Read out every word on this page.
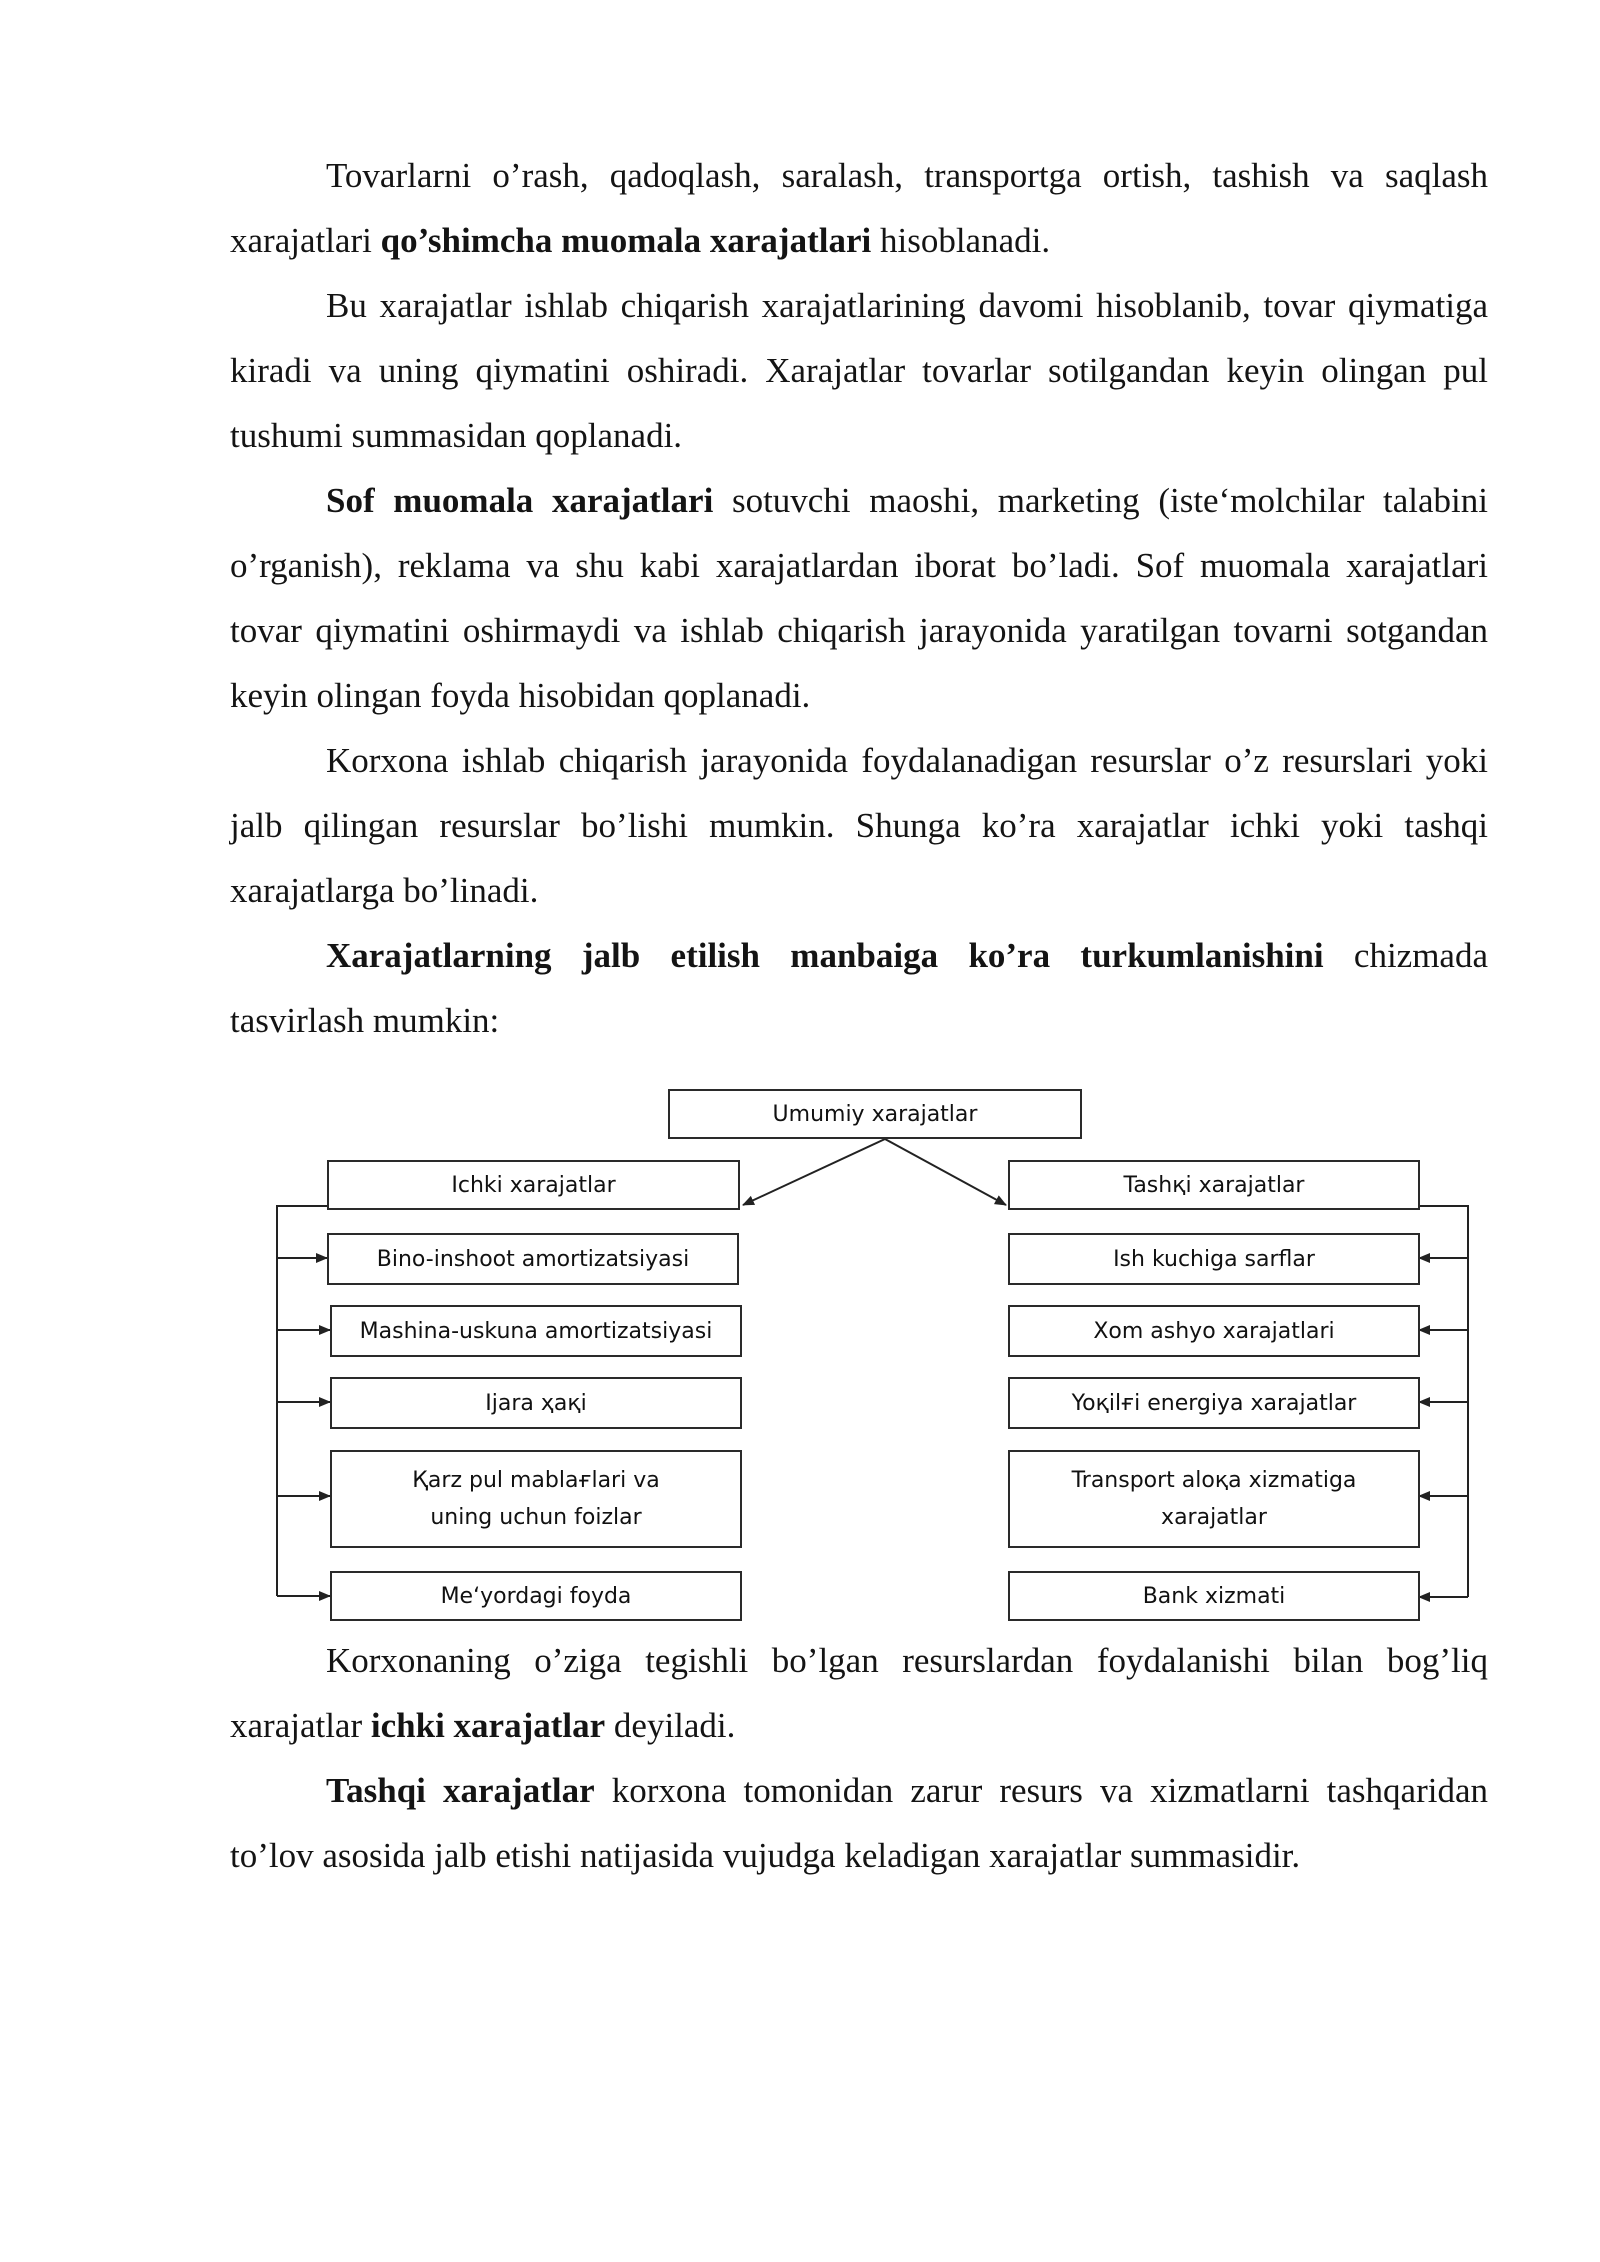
Tovarlarni o’rash, qadoqlash, saralash, transportga ortish, tashish va saqlash xarajatlari qo’shimcha muomala xarajatlari hisoblanadi.

Bu xarajatlar ishlab chiqarish xarajatlarining davomi hisoblanib, tovar qiymatiga kiradi va uning qiymatini oshiradi. Xarajatlar tovarlar sotilgandan keyin olingan pul tushumi summasidan qoplanadi.

Sof muomala xarajatlari sotuvchi maoshi, marketing (iste‘molchilar talabini o’rganish), reklama va shu kabi xarajatlardan iborat bo’ladi. Sof muomala xarajatlari tovar qiymatini oshirmaydi va ishlab chiqarish jarayonida yaratilgan tovarni sotgandan keyin olingan foyda hisobidan qoplanadi.

Korxona ishlab chiqarish jarayonida foydalanadigan resurslar o’z resurslari yoki jalb qilingan resurslar bo’lishi mumkin. Shunga ko’ra xarajatlar ichki yoki tashqi xarajatlarga bo’linadi.

Xarajatlarning jalb etilish manbaiga ko’ra turkumlanishini chizmada tasvirlash mumkin:

Umumiy xarajatlar
Ichki xarajatlar	Tashқi xarajatlar
Bino-inshoot amortizatsiyasi
Mashina-uskuna amortizatsiyasi
Ijara ҳақі
Қarz pul mablaғlari va uning uchun foizlar
Me‘yordagi foyda
Ish kuchiga sarflar
Xom ashyo xarajatlari
Yoқilғi energiya xarajatlar
Transport aloқa xizmatiga xarajatlar
Bank xizmati

Korxonaning o’ziga tegishli bo’lgan resurslardan foydalanishi bilan bog’liq xarajatlar ichki xarajatlar deyiladi.

Tashqi xarajatlar korxona tomonidan zarur resurs va xizmatlarni tashqaridan to’lov asosida jalb etishi natijasida vujudga keladigan xarajatlar summasidir.
